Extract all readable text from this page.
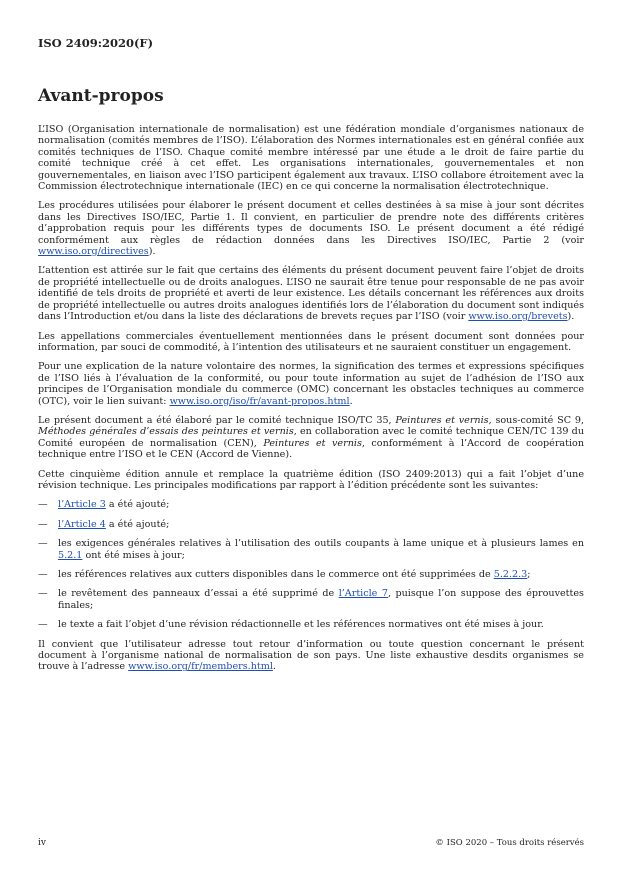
ISO 2409:2020(F)
Avant-propos

L’ISO (Organisation internationale de normalisation) est une fédération mondiale d’organismes nationaux de normalisation (comités membres de l’ISO). L’élaboration des Normes internationales est en général confiée aux comités techniques de l’ISO. Chaque comité membre intéressé par une étude a le droit de faire partie du comité technique créé à cet effet. Les organisations internationales, gouvernementales et non gouvernementales, en liaison avec l’ISO participent également aux travaux. L’ISO collabore étroitement avec la Commission électrotechnique internationale (IEC) en ce qui concerne la normalisation électrotechnique.

Les procédures utilisées pour élaborer le présent document et celles destinées à sa mise à jour sont décrites dans les Directives ISO/IEC, Partie 1. Il convient, en particulier de prendre note des différents critères d’approbation requis pour les différents types de documents ISO. Le présent document a été rédigé conformément aux règles de rédaction données dans les Directives ISO/IEC, Partie 2 (voir www.iso.org/directives).

L’attention est attirée sur le fait que certains des éléments du présent document peuvent faire l’objet de droits de propriété intellectuelle ou de droits analogues. L’ISO ne saurait être tenue pour responsable de ne pas avoir identifié de tels droits de propriété et averti de leur existence. Les détails concernant les références aux droits de propriété intellectuelle ou autres droits analogues identifiés lors de l’élaboration du document sont indiqués dans l’Introduction et/ou dans la liste des déclarations de brevets reçues par l’ISO (voir www.iso.org/brevets).

Les appellations commerciales éventuellement mentionnées dans le présent document sont données pour information, par souci de commodité, à l’intention des utilisateurs et ne sauraient constituer un engagement.

Pour une explication de la nature volontaire des normes, la signification des termes et expressions spécifiques de l’ISO liés à l’évaluation de la conformité, ou pour toute information au sujet de l’adhésion de l’ISO aux principes de l’Organisation mondiale du commerce (OMC) concernant les obstacles techniques au commerce (OTC), voir le lien suivant: www.iso.org/iso/fr/avant-propos.html.

Le présent document a été élaboré par le comité technique ISO/TC 35, Peintures et vernis, sous-comité SC 9, Méthodes générales d’essais des peintures et vernis, en collaboration avec le comité technique CEN/TC 139 du Comité européen de normalisation (CEN), Peintures et vernis, conformément à l’Accord de coopération technique entre l’ISO et le CEN (Accord de Vienne).

Cette cinquième édition annule et remplace la quatrième édition (ISO 2409:2013) qui a fait l’objet d’une révision technique. Les principales modifications par rapport à l’édition précédente sont les suivantes:

— l’Article 3 a été ajouté;
— l’Article 4 a été ajouté;
— les exigences générales relatives à l’utilisation des outils coupants à lame unique et à plusieurs lames en 5.2.1 ont été mises à jour;
— les références relatives aux cutters disponibles dans le commerce ont été supprimées de 5.2.2.3;
— le revêtement des panneaux d’essai a été supprimé de l’Article 7, puisque l’on suppose des éprouvettes finales;
— le texte a fait l’objet d’une révision rédactionnelle et les références normatives ont été mises à jour.

Il convient que l’utilisateur adresse tout retour d’information ou toute question concernant le présent document à l’organisme national de normalisation de son pays. Une liste exhaustive desdits organismes se trouve à l’adresse www.iso.org/fr/members.html.

iv	© ISO 2020 – Tous droits réservés
